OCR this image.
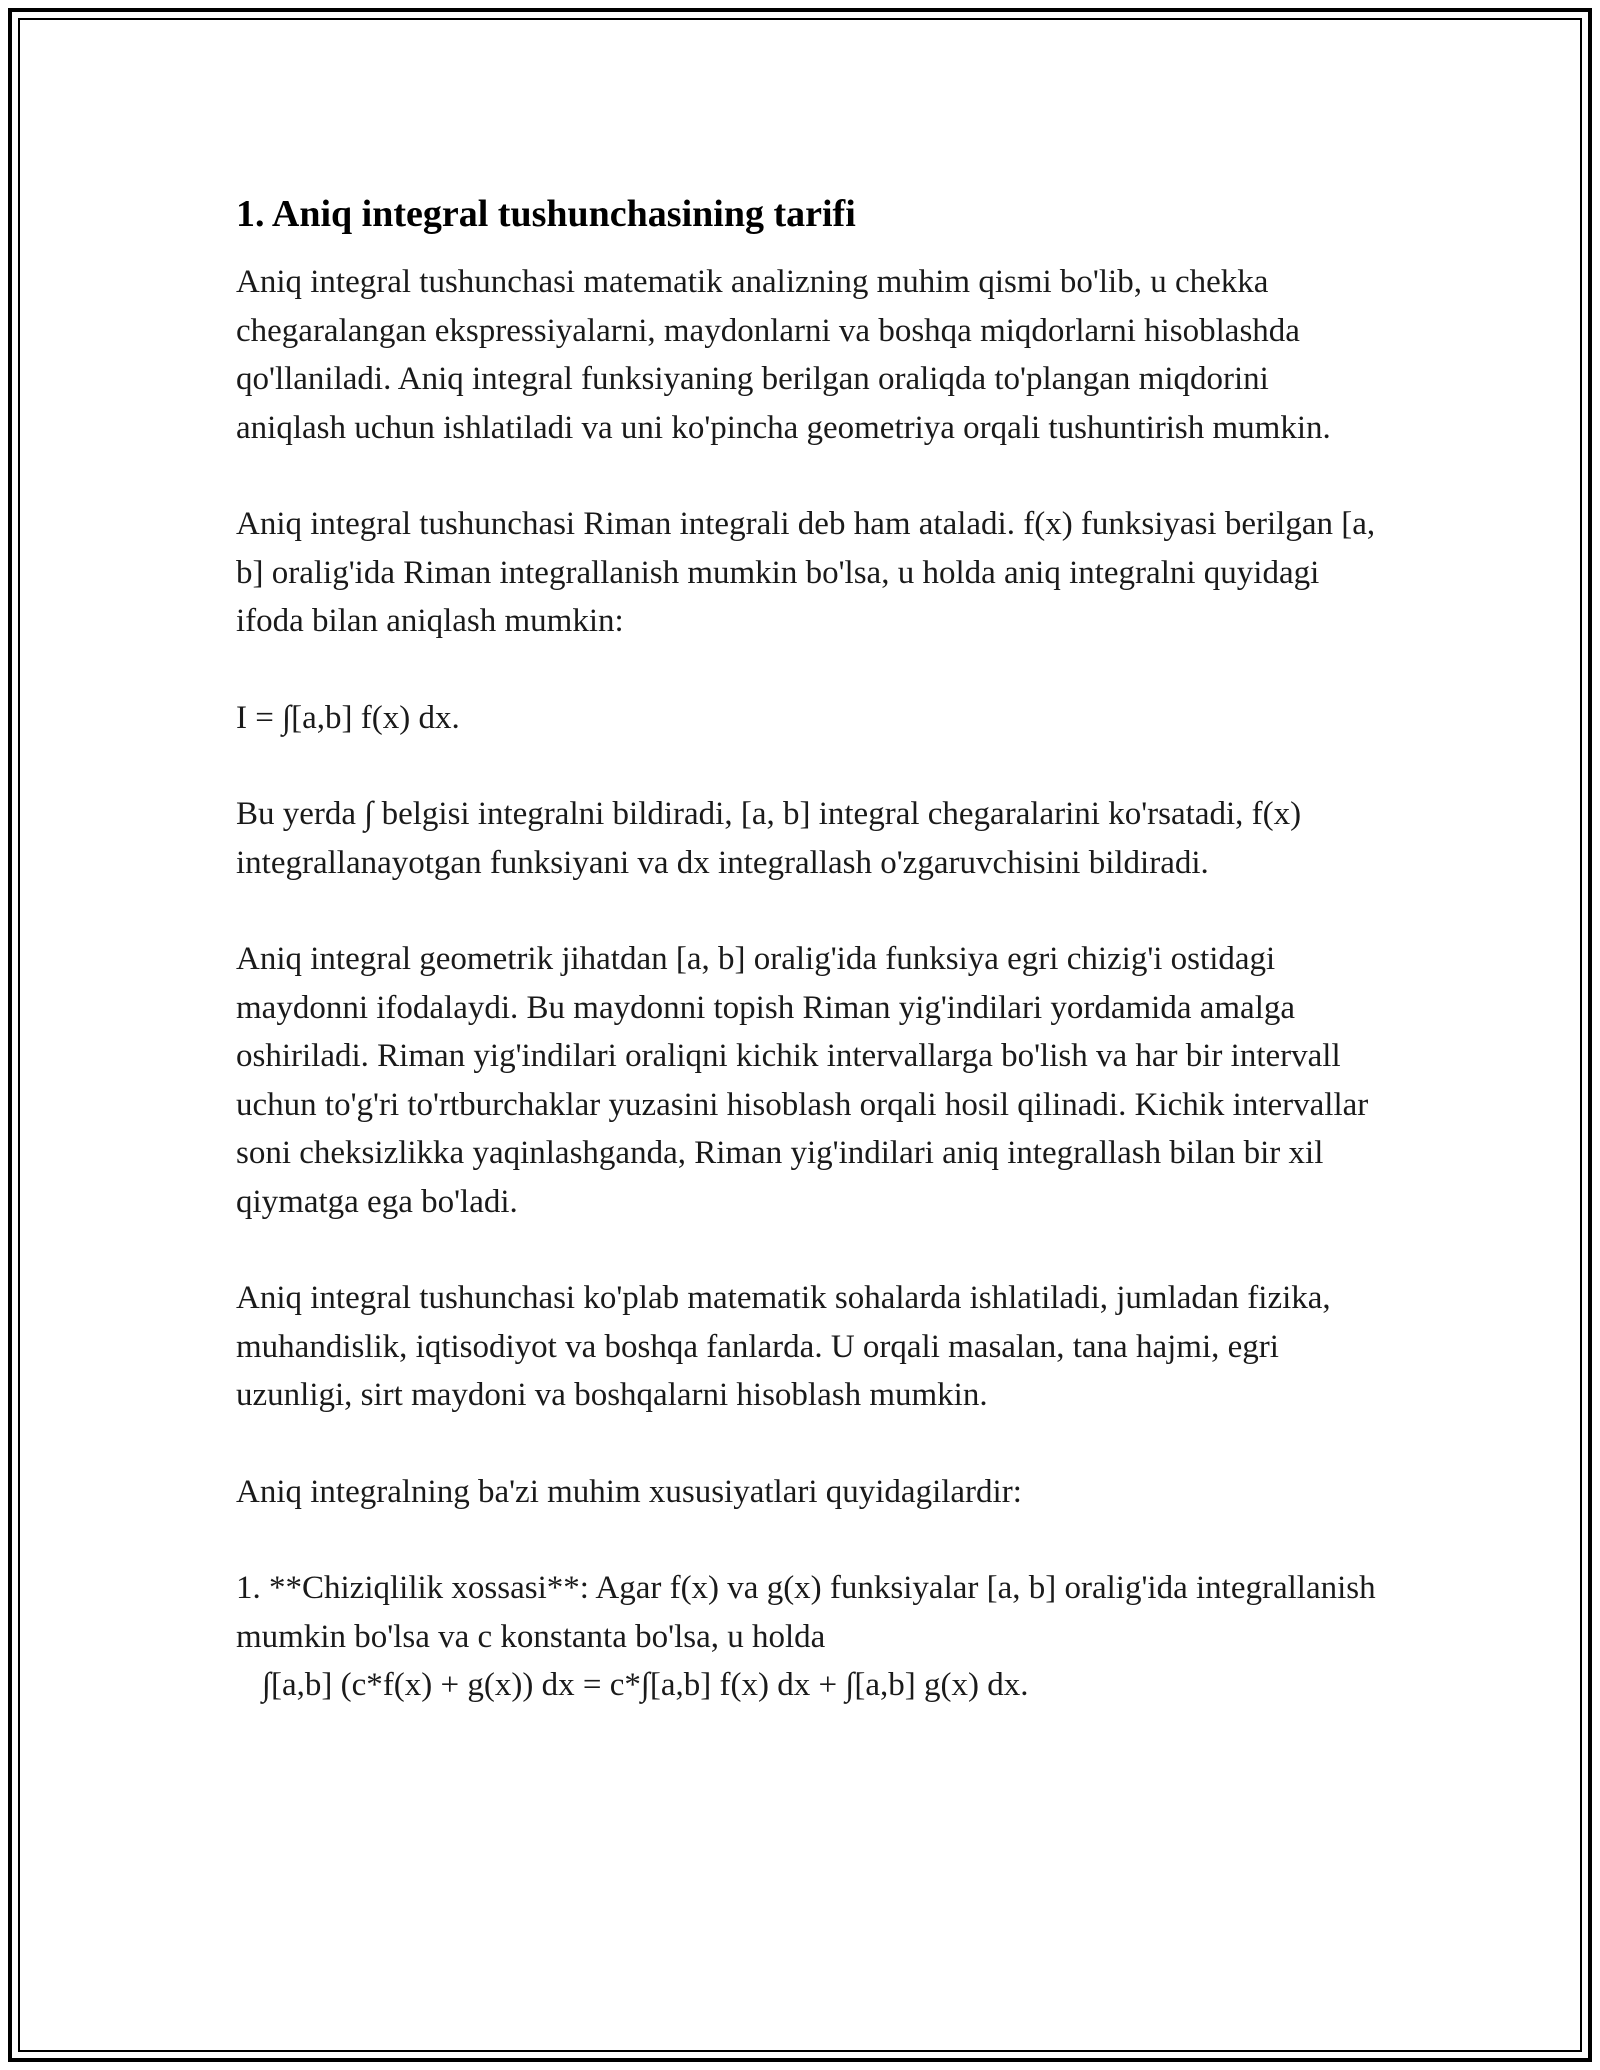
1. Aniq integral tushunchasining tarifi

Aniq integral tushunchasi matematik analizning muhim qismi bo'lib, u chekka chegaralangan ekspressiyalarni, maydonlarni va boshqa miqdorlarni hisoblashda qo'llaniladi. Aniq integral funksiyaning berilgan oraliqda to'plangan miqdorini aniqlash uchun ishlatiladi va uni ko'pincha geometriya orqali tushuntirish mumkin.

Aniq integral tushunchasi Riman integrali deb ham ataladi. f(x) funksiyasi berilgan [a, b] oralig'ida Riman integrallanish mumkin bo'lsa, u holda aniq integralni quyidagi ifoda bilan aniqlash mumkin:

I = ∫[a,b] f(x) dx.

Bu yerda ∫ belgisi integralni bildiradi, [a, b] integral chegaralarini ko'rsatadi, f(x) integrallanayotgan funksiyani va dx integrallash o'zgaruvchisini bildiradi.

Aniq integral geometrik jihatdan [a, b] oralig'ida funksiya egri chizig'i ostidagi maydonni ifodalaydi. Bu maydonni topish Riman yig'indilari yordamida amalga oshiriladi. Riman yig'indilari oraliqni kichik intervallarga bo'lish va har bir intervall uchun to'g'ri to'rtburchaklar yuzasini hisoblash orqali hosil qilinadi. Kichik intervallar soni cheksizlikka yaqinlashganda, Riman yig'indilari aniq integrallash bilan bir xil qiymatga ega bo'ladi.

Aniq integral tushunchasi ko'plab matematik sohalarda ishlatiladi, jumladan fizika, muhandislik, iqtisodiyot va boshqa fanlarda. U orqali masalan, tana hajmi, egri uzunligi, sirt maydoni va boshqalarni hisoblash mumkin.

Aniq integralning ba'zi muhim xususiyatlari quyidagilardir:

1. **Chiziqlilik xossasi**: Agar f(x) va g(x) funksiyalar [a, b] oralig'ida integrallanish mumkin bo'lsa va c konstanta bo'lsa, u holda
∫[a,b] (c*f(x) + g(x)) dx = c*∫[a,b] f(x) dx + ∫[a,b] g(x) dx.
